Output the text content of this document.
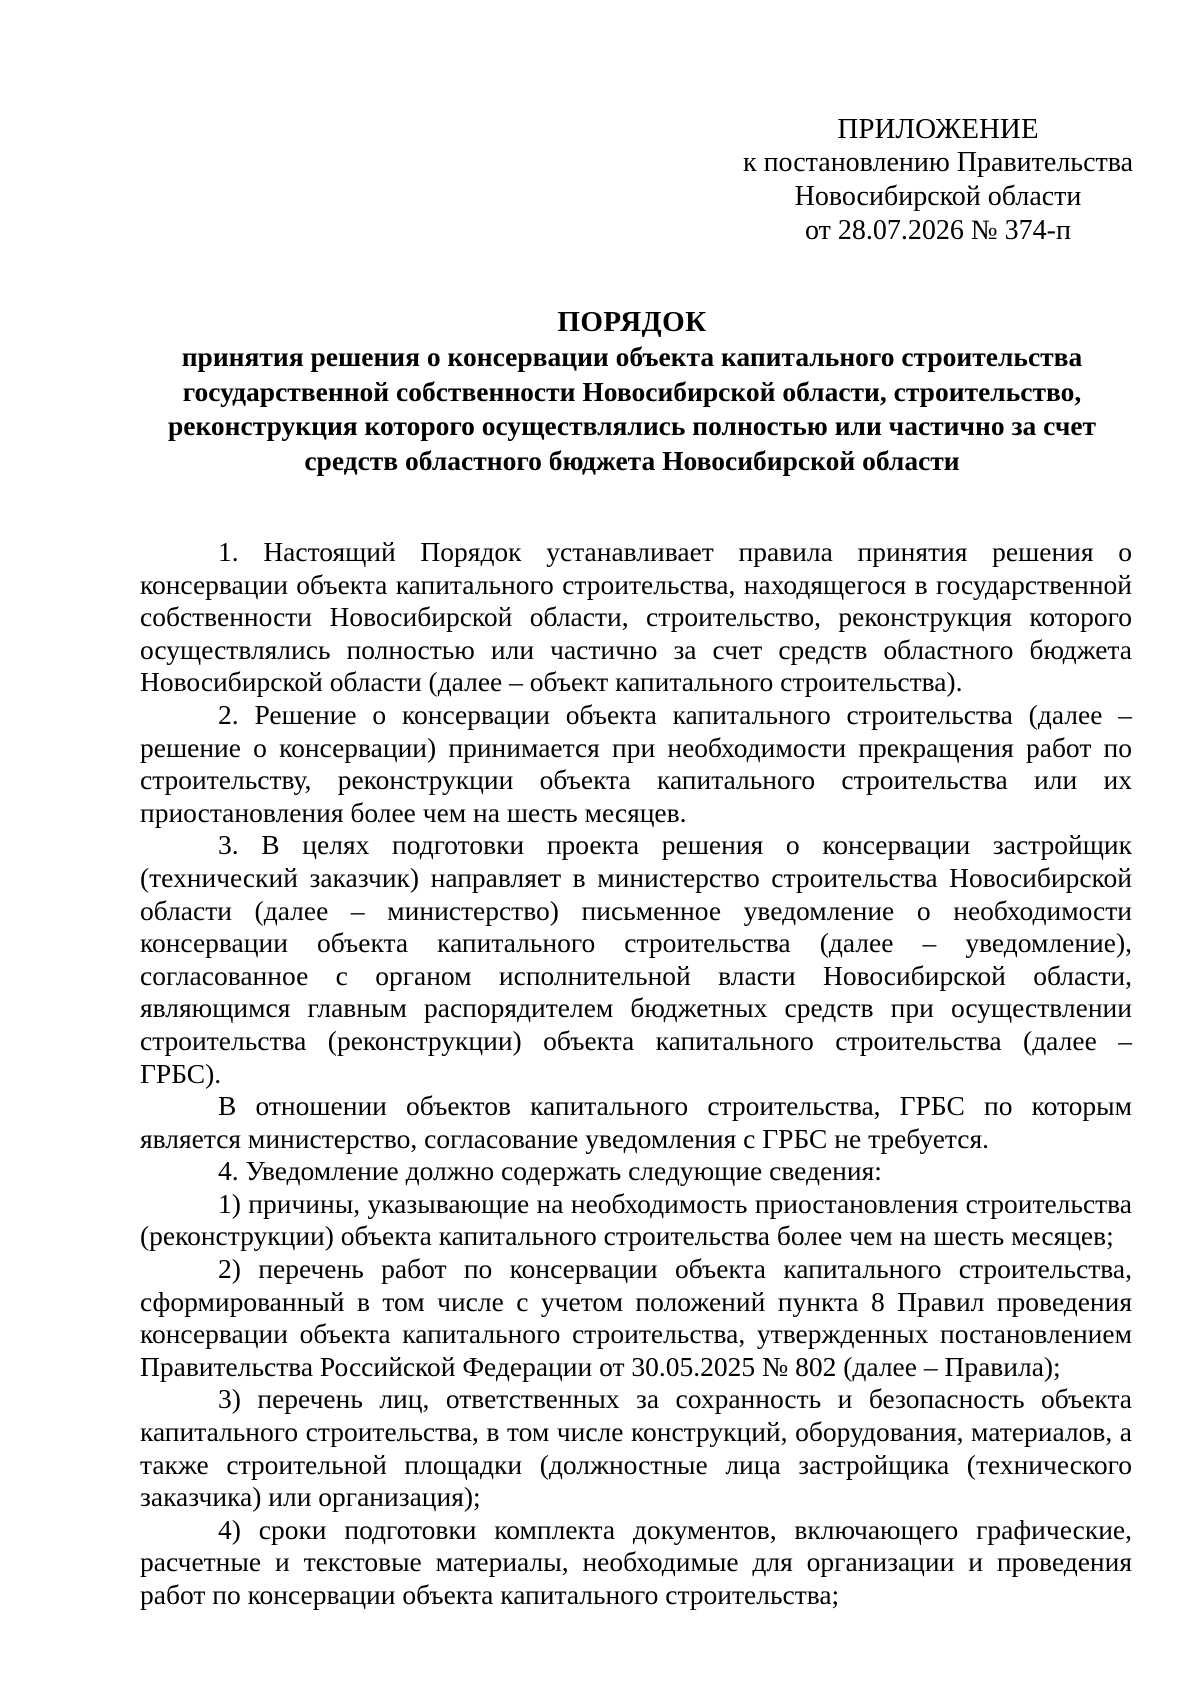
ПРИЛОЖЕНИЕ
к постановлению Правительства
Новосибирской области
от 28.07.2026 № 374-п
ПОРЯДОК
принятия решения о консервации объекта капитального строительства государственной собственности Новосибирской области, строительство, реконструкция которого осуществлялись полностью или частично за счет средств областного бюджета Новосибирской области

1. Настоящий Порядок устанавливает правила принятия решения о консервации объекта капитального строительства, находящегося в государственной собственности Новосибирской области, строительство, реконструкция которого осуществлялись полностью или частично за счет средств областного бюджета Новосибирской области (далее – объект капитального строительства).

2. Решение о консервации объекта капитального строительства (далее – решение о консервации) принимается при необходимости прекращения работ по строительству, реконструкции объекта капитального строительства или их приостановления более чем на шесть месяцев.

3. В целях подготовки проекта решения о консервации застройщик (технический заказчик) направляет в министерство строительства Новосибирской области (далее – министерство) письменное уведомление о необходимости консервации объекта капитального строительства (далее – уведомление), согласованное с органом исполнительной власти Новосибирской области, являющимся главным распорядителем бюджетных средств при осуществлении строительства (реконструкции) объекта капитального строительства (далее – ГРБС).

В отношении объектов капитального строительства, ГРБС по которым является министерство, согласование уведомления с ГРБС не требуется.

4. Уведомление должно содержать следующие сведения:

1) причины, указывающие на необходимость приостановления строительства (реконструкции) объекта капитального строительства более чем на шесть месяцев;

2) перечень работ по консервации объекта капитального строительства, сформированный в том числе с учетом положений пункта 8 Правил проведения консервации объекта капитального строительства, утвержденных постановлением Правительства Российской Федерации от 30.05.2025 № 802 (далее – Правила);

3) перечень лиц, ответственных за сохранность и безопасность объекта капитального строительства, в том числе конструкций, оборудования, материалов, а также строительной площадки (должностные лица застройщика (технического заказчика) или организация);

4) сроки подготовки комплекта документов, включающего графические, расчетные и текстовые материалы, необходимые для организации и проведения работ по консервации объекта капитального строительства;
